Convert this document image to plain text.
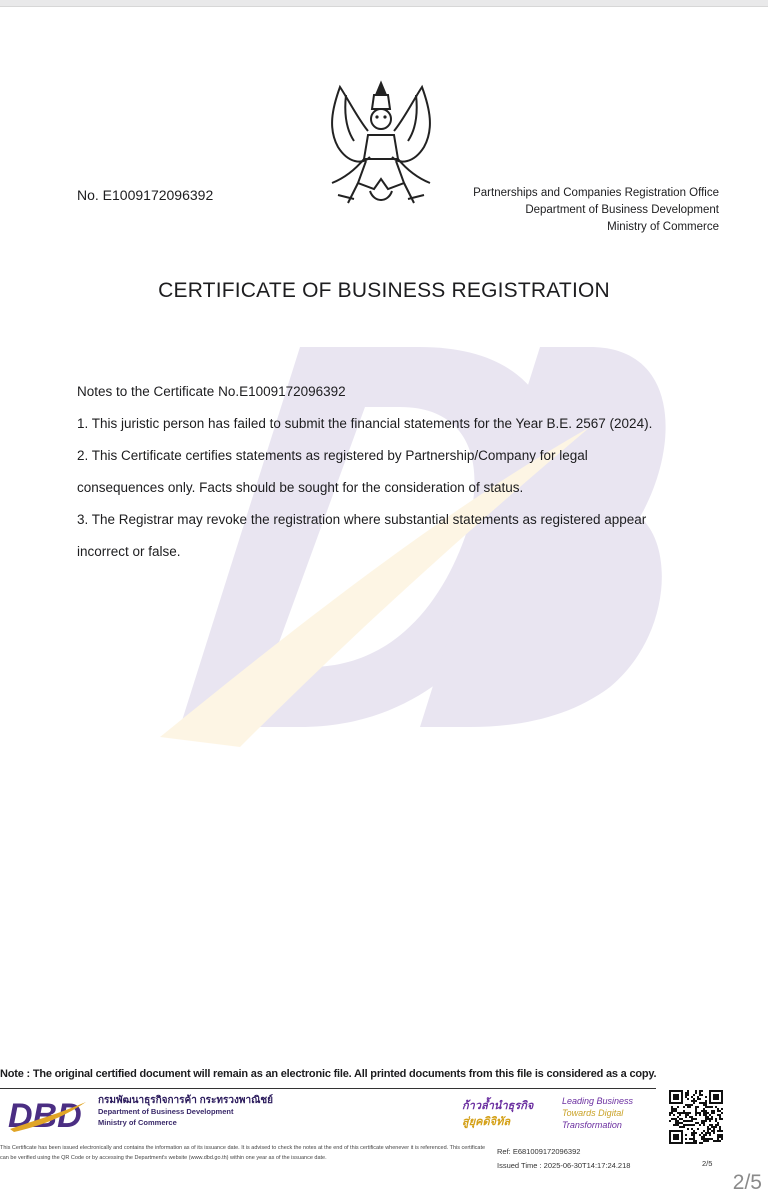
No. E1009172096392	Partnerships and Companies Registration Office
Department of Business Development
Ministry of Commerce
CERTIFICATE OF BUSINESS REGISTRATION

Notes to the Certificate No.E1009172096392

1. This juristic person has failed to submit the financial statements for the Year B.E. 2567 (2024).

2. This Certificate certifies statements as registered by Partnership/Company for legal

consequences only. Facts should be sought for the consideration of status.

3. The Registrar may revoke the registration where substantial statements as registered appear

incorrect or false.

Note : The original certified document will remain as an electronic file. All printed documents from this file is considered as a copy.
DBD กรมพัฒนาธุรกิจการค้า กระทรวงพาณิชย์
Department of Business Development
Ministry of Commerce
ก้าวล้ำนำธุรกิจ
สู่ยุคดิจิทัล
Leading Business
Towards Digital
Transformation
This Certificate has been issued electronically and contains the information as of its issuance date. It is advised to check the notes at the end of this certificate whenever it is referenced. This certificate can be verified using the QR Code or by accessing the Department's website (www.dbd.go.th) within one year as of the issuance date.
Ref: E681009172096392
Issued Time : 2025-06-30T14:17:24.218	2/5
2/5
